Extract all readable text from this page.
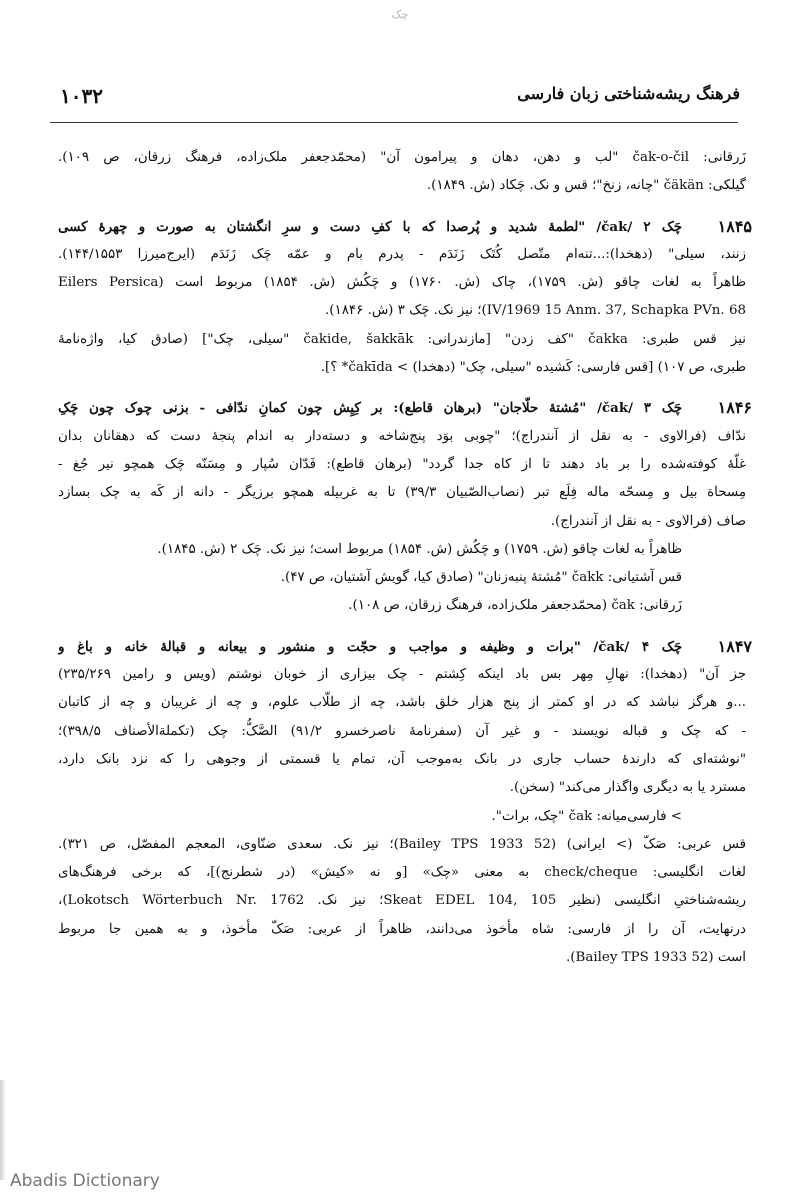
چک
فرهنگ ریشه‌شناختی زبان فارسی
۱۰۳۲
زَرقانی: čak-o-čil "لب و دهن، دهان و پیرامون آن" (محمّدجعفر ملک‌زاده، فرهنگ زرقان، ص ۱۰۹).
گیلکی: čäkän "چانه، زنخ"؛ قس و نک. چَکاد (ش. ۱۸۴۹).
۱۸۴۵
چَک ۲ /čak/ "لطمهٔ شدید و پُرصدا که با کفِ دست و سرِ انگشتان به صورت و چهرهٔ کسی
زنند، سیلی" (دهخدا):...تنه‌ام متّصل کُتَک زَنَدَم - پدرم بام و عمّه چَک زَنَدَم (ایرج‌میرزا ۱۴۴/۱۵۵۳).
ظاهراً به لغات چاقو (ش. ۱۷۵۹)، چاک (ش. ۱۷۶۰) و چَکُش (ش. ۱۸۵۴) مربوط است (Eilers Persica
IV/1969 15 Anm. 37, Schapka PVn. 68)؛ نیز نک. چَک ۳ (ش. ۱۸۴۶).
نیز قس طبری: čakka "کف زدن" [مازندرانی: čakide, šakkāk "سیلی، چک"] (صادق کیا، واژه‌نامهٔ
طبری، ص ۱۰۷) [قس فارسی: کَشیده "سیلی، چک" (دهخدا) > čakīda* ؟].
۱۸۴۶
چَک ۳ /čak/ "مُشتهٔ حلّاجان" (برهان قاطع): بر کِیِش چون کمانِ ندّافی - بزنی چوک چون چَکِ
ندّاف (فرالاوی - به نقل از آنندراج)؛ "چوبی بوَد پنج‌شاخه و دسته‌دار به اندام پنجهٔ دست که دهقانان بدان
غلّهٔ کوفته‌شده را بر باد دهند تا از کاه جدا گردد" (برهان قاطع): فَدّان سُپار و مِسَنّه چَک همچو نیر جُغ -
مِسحاة بیل و مِسحّه ماله فِلَع تبر (نصاب‌الصّبیان ۳۹/۳) تا به غربیله همچو برزیگر - دانه از کَه به چک بسازد
صاف (فرالاوی - به نقل از آنندراج).
ظاهراً به لغات چاقو (ش. ۱۷۵۹) و چَکُش (ش. ۱۸۵۴) مربوط است؛ نیز نک. چَک ۲ (ش. ۱۸۴۵).
قس آشتیانی: čakk "مُشتهٔ پنبه‌زنان" (صادق کیا، گویش آشتیان، ص ۴۷).
زَرقانی: čak (محمّدجعفر ملک‌زاده، فرهنگ زرقان، ص ۱۰۸).
۱۸۴۷
چَک ۴ /čak/ "برات و وظیفه و مواجب و حجّت و منشور و بیعانه و قبالهٔ خانه و باغ و
جز آن" (دهخدا): نهالِ مِهر بس باد اینکه کِشتم - چک بیزاری از خوبان نوشتم (ویس و رامین ۲۳۵/۲۶۹)
...و هرگز نباشد که در او کمتر از پنج هزار خلق باشد، چه از طلّاب علوم، و چه از غریبان و چه از کاتبان
- که چک و قباله نویسند - و غیر آن (سفرنامهٔ ناصرخسرو ۹۱/۲) الصَّکُّ: چک (تکملة‌الأصناف ۳۹۸/۵)؛
"نوشته‌ای که دارندهٔ حساب جاری در بانک به‌موجب آن، تمام یا قسمتی از وجوهی را که نزد بانک دارد،
مسترد یا به دیگری واگذار می‌کند" (سخن).
> فارسی‌میانه: čak "چک، برات".
قس عربی: صَکّ (> ایرانی) (Bailey TPS 1933 52)؛ نیز نک. سعدی ضنّاوی، المعجم المفصّل، ص ۳۲۱).
لغات انگلیسی: check/cheque به معنی «چک» [و نه «کیش» (در شطرنج)]، که برخی فرهنگ‌های
ریشه‌شناختیِ انگلیسی (نظیر Skeat EDEL 104, 105؛ نیز نک. Lokotsch Wörterbuch Nr. 1762)،
درنهایت، آن را از فارسی: شاه مأخوذ می‌دانند، ظاهراً از عربی: صَکّ مأخوذ، و به همین جا مربوط
است (Bailey TPS 1933 52).
Abadis Dictionary
